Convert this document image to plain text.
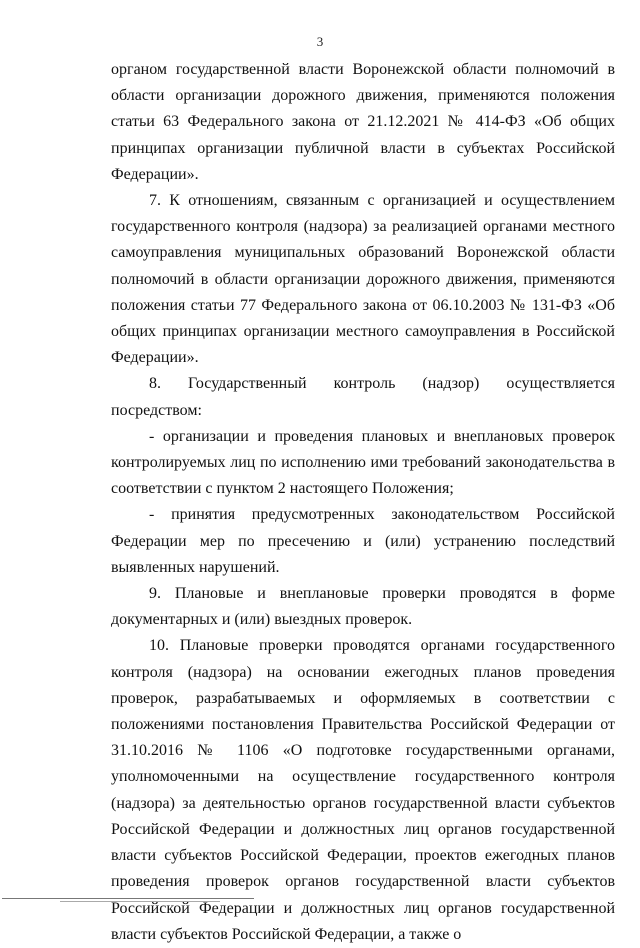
3

органом государственной власти Воронежской области полномочий в области организации дорожного движения, применяются положения статьи 63 Федерального закона от 21.12.2021 № 414-ФЗ «Об общих принципах организации публичной власти в субъектах Российской Федерации».

7. К отношениям, связанным с организацией и осуществлением государственного контроля (надзора) за реализацией органами местного самоуправления муниципальных образований Воронежской области полномочий в области организации дорожного движения, применяются положения статьи 77 Федерального закона от 06.10.2003 № 131-ФЗ «Об общих принципах организации местного самоуправления в Российской Федерации».

8. Государственный контроль (надзор) осуществляется посредством:

- организации и проведения плановых и внеплановых проверок контролируемых лиц по исполнению ими требований законодательства в соответствии с пунктом 2 настоящего Положения;

- принятия предусмотренных законодательством Российской Федерации мер по пресечению и (или) устранению последствий выявленных нарушений.

9. Плановые и внеплановые проверки проводятся в форме документарных и (или) выездных проверок.

10. Плановые проверки проводятся органами государственного контроля (надзора) на основании ежегодных планов проведения проверок, разрабатываемых и оформляемых в соответствии с положениями постановления Правительства Российской Федерации от 31.10.2016 № 1106 «О подготовке государственными органами, уполномоченными на осуществление государственного контроля (надзора) за деятельностью органов государственной власти субъектов Российской Федерации и должностных лиц органов государственной власти субъектов Российской Федерации, проектов ежегодных планов проведения проверок органов государственной власти субъектов Российской Федерации и должностных лиц органов государственной власти субъектов Российской Федерации, а также о
